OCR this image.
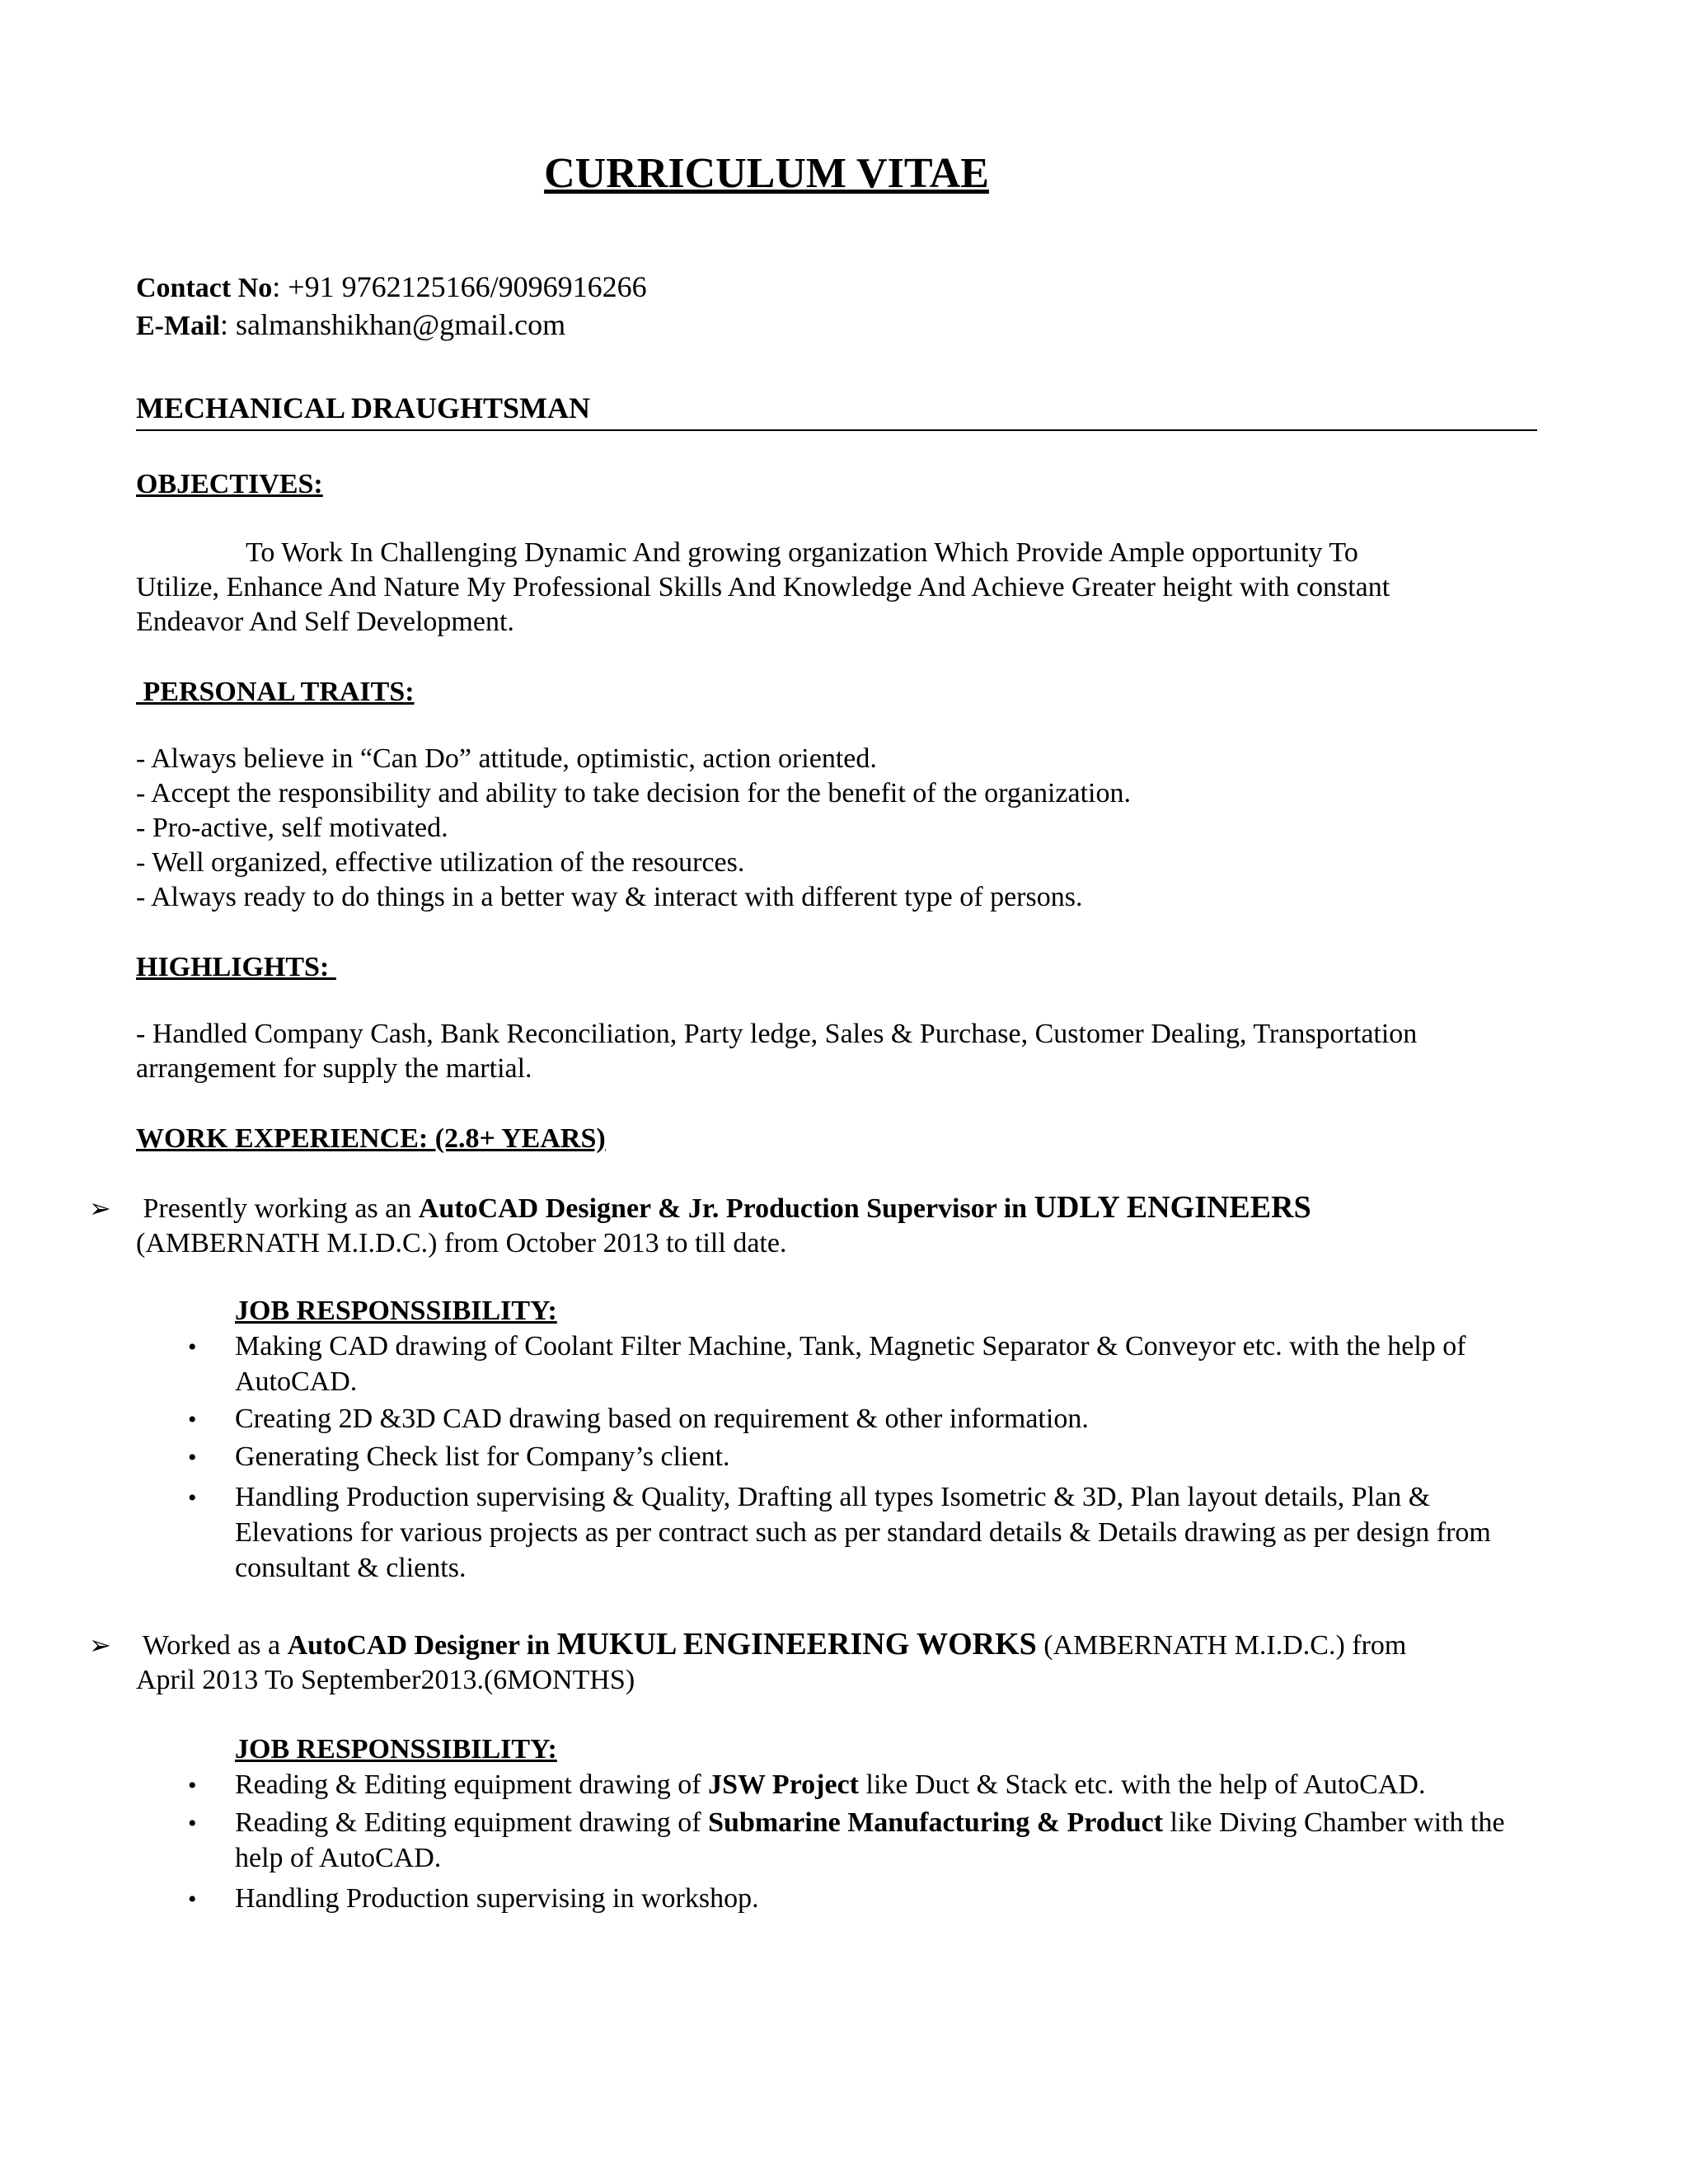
CURRICULUM VITAE
Contact No: +91 9762125166/9096916266
E-Mail: salmanshikhan@gmail.com
MECHANICAL DRAUGHTSMAN
OBJECTIVES:
To Work In Challenging Dynamic And growing organization Which Provide Ample opportunity To
Utilize, Enhance And Nature My Professional Skills And Knowledge And Achieve Greater height with constant
Endeavor And Self Development.
PERSONAL TRAITS:
- Always believe in “Can Do” attitude, optimistic, action oriented.
- Accept the responsibility and ability to take decision for the benefit of the organization.
- Pro-active, self motivated.
- Well organized, effective utilization of the resources.
- Always ready to do things in a better way & interact with different type of persons.
HIGHLIGHTS:
- Handled Company Cash, Bank Reconciliation, Party ledge, Sales & Purchase, Customer Dealing, Transportation
arrangement for supply the martial.
WORK EXPERIENCE: (2.8+ YEARS)
➢ Presently working as an AutoCAD Designer & Jr. Production Supervisor in UDLY ENGINEERS
(AMBERNATH M.I.D.C.) from October 2013 to till date.
JOB RESPONSSIBILITY:
• Making CAD drawing of Coolant Filter Machine, Tank, Magnetic Separator & Conveyor etc. with the help of AutoCAD.
• Creating 2D &3D CAD drawing based on requirement & other information.
• Generating Check list for Company’s client.
• Handling Production supervising & Quality, Drafting all types Isometric & 3D, Plan layout details, Plan & Elevations for various projects as per contract such as per standard details & Details drawing as per design from consultant & clients.
➢ Worked as a AutoCAD Designer in MUKUL ENGINEERING WORKS (AMBERNATH M.I.D.C.) from
April 2013 To September2013.(6MONTHS)
JOB RESPONSSIBILITY:
• Reading & Editing equipment drawing of JSW Project like Duct & Stack etc. with the help of AutoCAD.
• Reading & Editing equipment drawing of Submarine Manufacturing & Product like Diving Chamber with the help of AutoCAD.
• Handling Production supervising in workshop.
